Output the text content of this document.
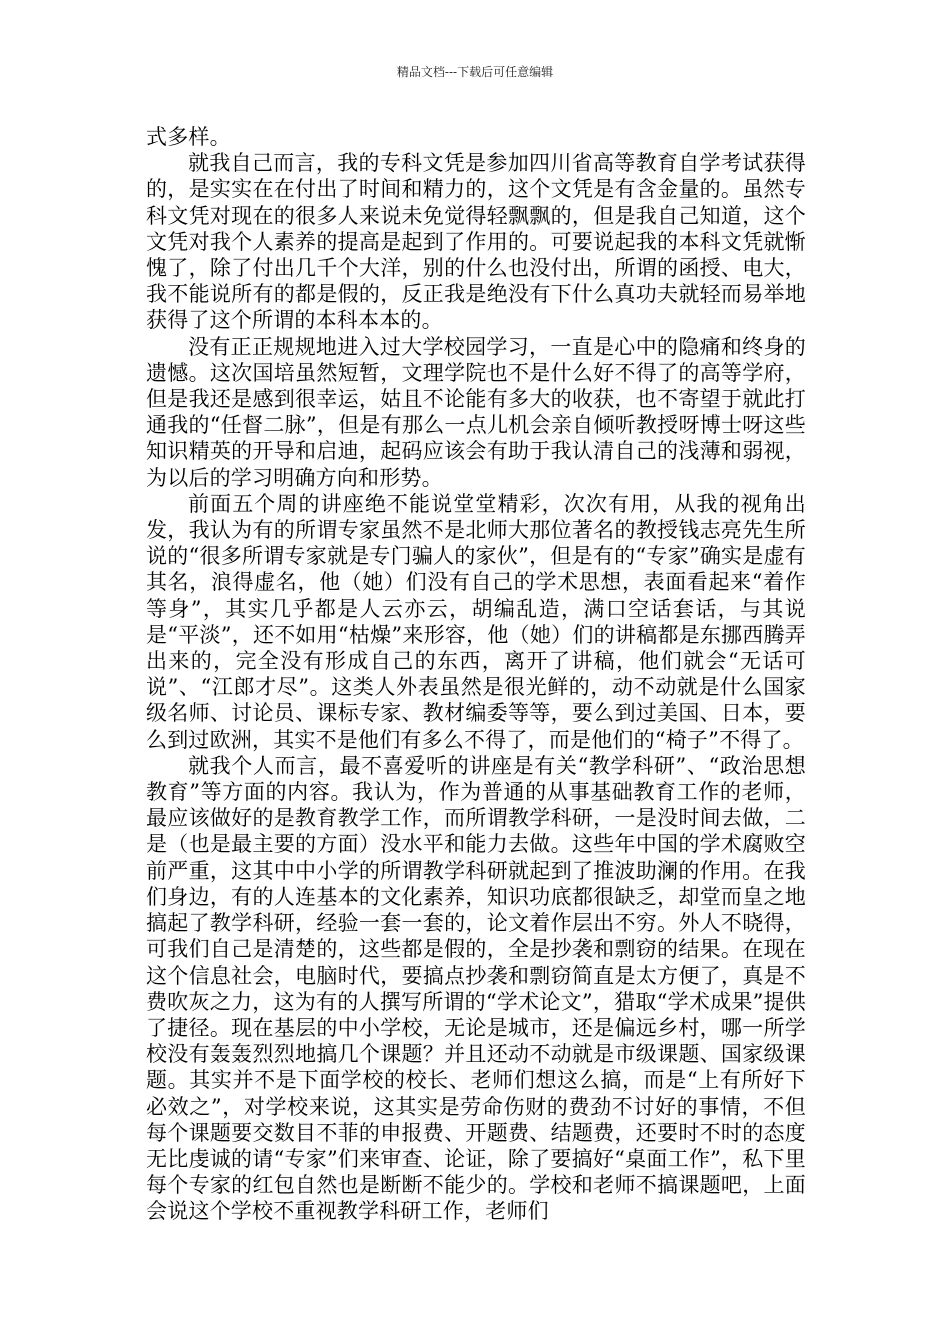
精品文档---下载后可任意编辑

式多样。

就我自己而言，我的专科文凭是参加四川省高等教育自学考试获得的，是实实在在付出了时间和精力的，这个文凭是有含金量的。虽然专科文凭对现在的很多人来说未免觉得轻飘飘的，但是我自己知道，这个文凭对我个人素养的提高是起到了作用的。可要说起我的本科文凭就惭愧了，除了付出几千个大洋，别的什么也没付出，所谓的函授、电大，我不能说所有的都是假的，反正我是绝没有下什么真功夫就轻而易举地获得了这个所谓的本科本本的。

没有正正规规地进入过大学校园学习，一直是心中的隐痛和终身的遗憾。这次国培虽然短暂，文理学院也不是什么好不得了的高等学府，但是我还是感到很幸运，姑且不论能有多大的收获，也不寄望于就此打通我的“任督二脉”，但是有那么一点儿机会亲自倾听教授呀博士呀这些知识精英的开导和启迪，起码应该会有助于我认清自己的浅薄和弱视，为以后的学习明确方向和形势。

前面五个周的讲座绝不能说堂堂精彩，次次有用，从我的视角出发，我认为有的所谓专家虽然不是北师大那位著名的教授钱志亮先生所说的“很多所谓专家就是专门骗人的家伙”，但是有的“专家”确实是虚有其名，浪得虚名，他（她）们没有自己的学术思想，表面看起来“着作等身”，其实几乎都是人云亦云，胡编乱造，满口空话套话，与其说是“平淡”，还不如用“枯燥”来形容，他（她）们的讲稿都是东挪西腾弄出来的，完全没有形成自己的东西，离开了讲稿，他们就会“无话可说”、“江郎才尽”。这类人外表虽然是很光鲜的，动不动就是什么国家级名师、讨论员、课标专家、教材编委等等，要么到过美国、日本，要么到过欧洲，其实不是他们有多么不得了，而是他们的“椅子”不得了。

就我个人而言，最不喜爱听的讲座是有关“教学科研”、“政治思想教育”等方面的内容。我认为，作为普通的从事基础教育工作的老师，最应该做好的是教育教学工作，而所谓教学科研，一是没时间去做，二是（也是最主要的方面）没水平和能力去做。这些年中国的学术腐败空前严重，这其中中小学的所谓教学科研就起到了推波助澜的作用。在我们身边，有的人连基本的文化素养，知识功底都很缺乏，却堂而皇之地搞起了教学科研，经验一套一套的，论文着作层出不穷。外人不晓得，可我们自己是清楚的，这些都是假的，全是抄袭和剽窃的结果。在现在这个信息社会，电脑时代，要搞点抄袭和剽窃简直是太方便了，真是不费吹灰之力，这为有的人撰写所谓的“学术论文”，猎取“学术成果”提供了捷径。现在基层的中小学校，无论是城市，还是偏远乡村，哪一所学校没有轰轰烈烈地搞几个课题？并且还动不动就是市级课题、国家级课题。其实并不是下面学校的校长、老师们想这么搞，而是“上有所好下必效之”，对学校来说，这其实是劳命伤财的费劲不讨好的事情，不但每个课题要交数目不菲的申报费、开题费、结题费，还要时不时的态度无比虔诚的请“专家”们来审查、论证，除了要搞好“桌面工作”，私下里每个专家的红包自然也是断断不能少的。学校和老师不搞课题吧，上面会说这个学校不重视教学科研工作，老师们
